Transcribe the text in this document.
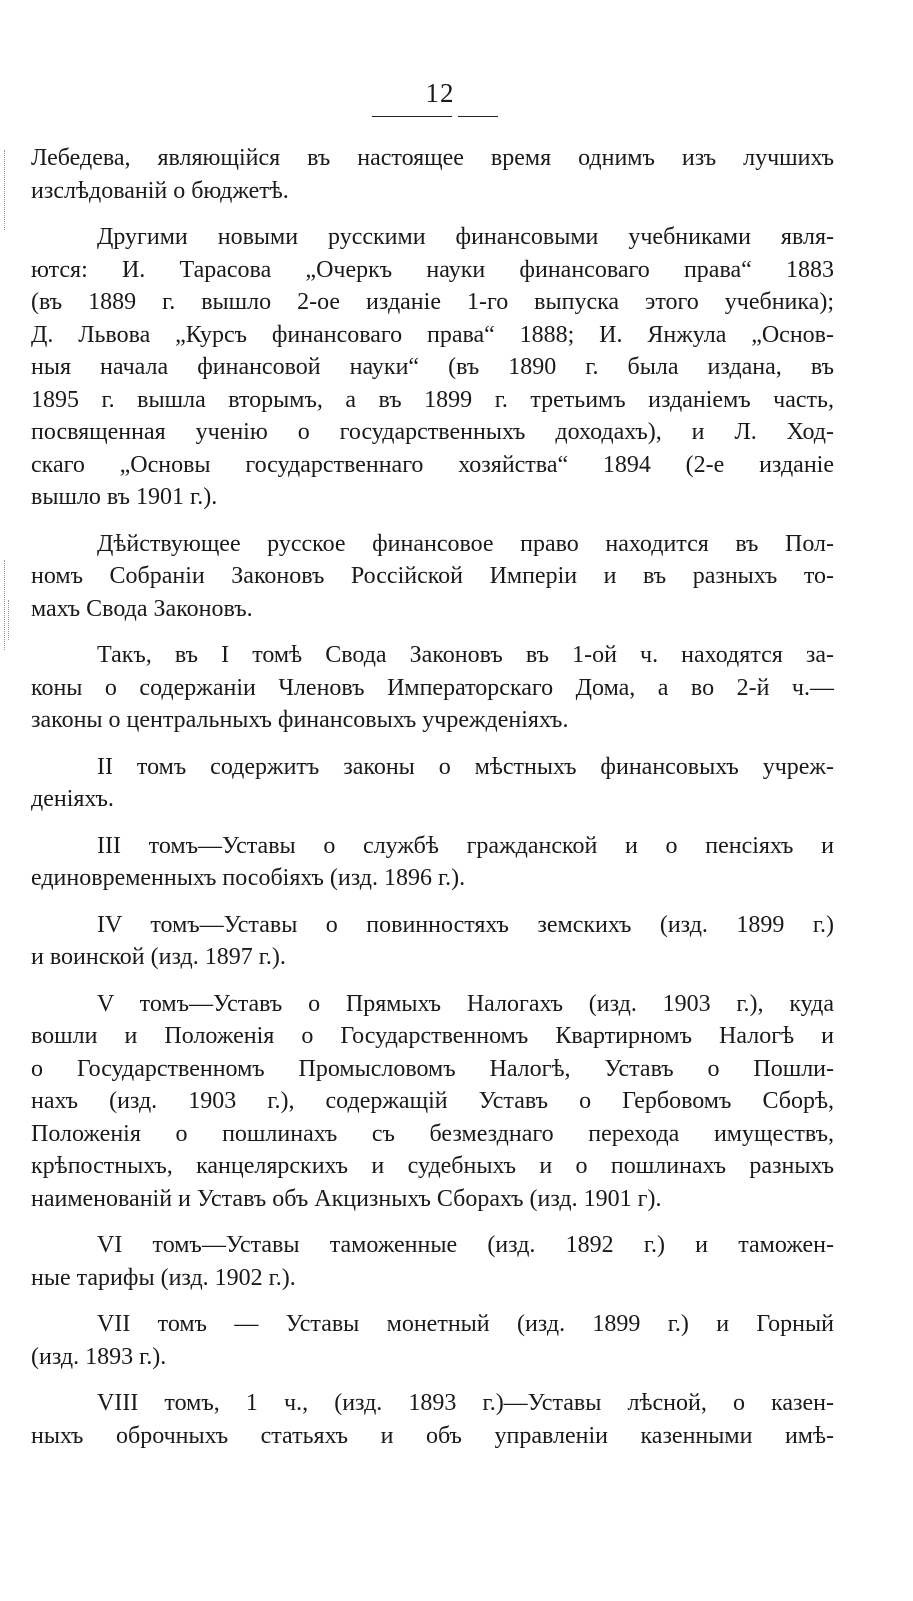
12
Лебедева, являющійся въ настоящее время однимъ изъ лучшихъ
изслѣдованій о бюджетѣ.
Другими новыми русскими финансовыми учебниками явля-
ются: И. Тарасова „Очеркъ науки финансоваго права“ 1883
(въ 1889 г. вышло 2-ое изданіе 1-го выпуска этого учебника);
Д. Львова „Курсъ финансоваго права“ 1888; И. Янжула „Основ-
ныя начала финансовой науки“ (въ 1890 г. была издана, въ
1895 г. вышла вторымъ, а въ 1899 г. третьимъ изданіемъ часть,
посвященная ученію о государственныхъ доходахъ), и Л. Ход-
скаго „Основы государственнаго хозяйства“ 1894 (2-е изданіе
вышло въ 1901 г.).
Дѣйствующее русское финансовое право находится въ Пол-
номъ Собраніи Законовъ Россійской Имперіи и въ разныхъ то-
махъ Свода Законовъ.
Такъ, въ I томѣ Свода Законовъ въ 1-ой ч. находятся за-
коны о содержаніи Членовъ Императорскаго Дома, а во 2-й ч.—
законы о центральныхъ финансовыхъ учрежденіяхъ.
II томъ содержитъ законы о мѣстныхъ финансовыхъ учреж-
деніяхъ.
III томъ—Уставы о службѣ гражданской и о пенсіяхъ и
единовременныхъ пособіяхъ (изд. 1896 г.).
IV томъ—Уставы о повинностяхъ земскихъ (изд. 1899 г.)
и воинской (изд. 1897 г.).
V томъ—Уставъ о Прямыхъ Налогахъ (изд. 1903 г.), куда
вошли и Положенія о Государственномъ Квартирномъ Налогѣ и
о Государственномъ Промысловомъ Налогѣ, Уставъ о Пошли-
нахъ (изд. 1903 г.), содержащій Уставъ о Гербовомъ Сборѣ,
Положенія о пошлинахъ съ безмезднаго перехода имуществъ,
крѣпостныхъ, канцелярскихъ и судебныхъ и о пошлинахъ разныхъ
наименованій и Уставъ объ Акцизныхъ Сборахъ (изд. 1901 г).
VI томъ—Уставы таможенные (изд. 1892 г.) и таможен-
ные тарифы (изд. 1902 г.).
VII томъ — Уставы монетный (изд. 1899 г.) и Горный
(изд. 1893 г.).
VIII томъ, 1 ч., (изд. 1893 г.)—Уставы лѣсной, о казен-
ныхъ оброчныхъ статьяхъ и объ управленіи казенными имѣ-
